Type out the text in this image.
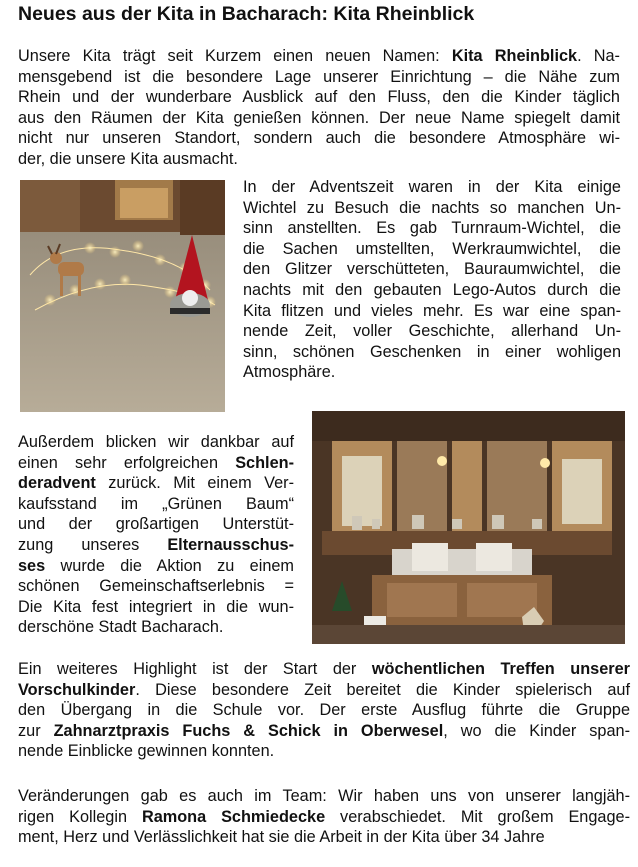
Neues aus der Kita in Bacharach: Kita Rheinblick
Unsere Kita trägt seit Kurzem einen neuen Namen: Kita Rheinblick. Na-
mensgebend ist die besondere Lage unserer Einrichtung – die Nähe zum
Rhein und der wunderbare Ausblick auf den Fluss, den die Kinder täglich
aus den Räumen der Kita genießen können. Der neue Name spiegelt damit
nicht nur unseren Standort, sondern auch die besondere Atmosphäre wi-
der, die unsere Kita ausmacht.
In der Adventszeit waren in der Kita einige
Wichtel zu Besuch die nachts so manchen Un-
sinn anstellten. Es gab Turnraum-Wichtel, die
die Sachen umstellten, Werkraumwichtel, die
den Glitzer verschütteten, Bauraumwichtel, die
nachts mit den gebauten Lego-Autos durch die
Kita flitzen und vieles mehr. Es war eine span-
nende Zeit, voller Geschichte, allerhand Un-
sinn, schönen Geschenken in einer wohligen
Atmosphäre.
Außerdem blicken wir dankbar auf
einen sehr erfolgreichen Schlen-
deradvent zurück. Mit einem Ver-
kaufsstand im „Grünen Baum“
und der großartigen Unterstüt-
zung unseres Elternausschus-
ses wurde die Aktion zu einem
schönen Gemeinschaftserlebnis =
Die Kita fest integriert in die wun-
derschöne Stadt Bacharach.
Ein weiteres Highlight ist der Start der wöchentlichen Treffen unserer
Vorschulkinder. Diese besondere Zeit bereitet die Kinder spielerisch auf
den Übergang in die Schule vor. Der erste Ausflug führte die Gruppe
zur Zahnarztpraxis Fuchs & Schick in Oberwesel, wo die Kinder span-
nende Einblicke gewinnen konnten.
Veränderungen gab es auch im Team: Wir haben uns von unserer langjäh-
rigen Kollegin Ramona Schmiedecke verabschiedet. Mit großem Engage-
ment, Herz und Verlässlichkeit hat sie die Arbeit in der Kita über 34 Jahre
